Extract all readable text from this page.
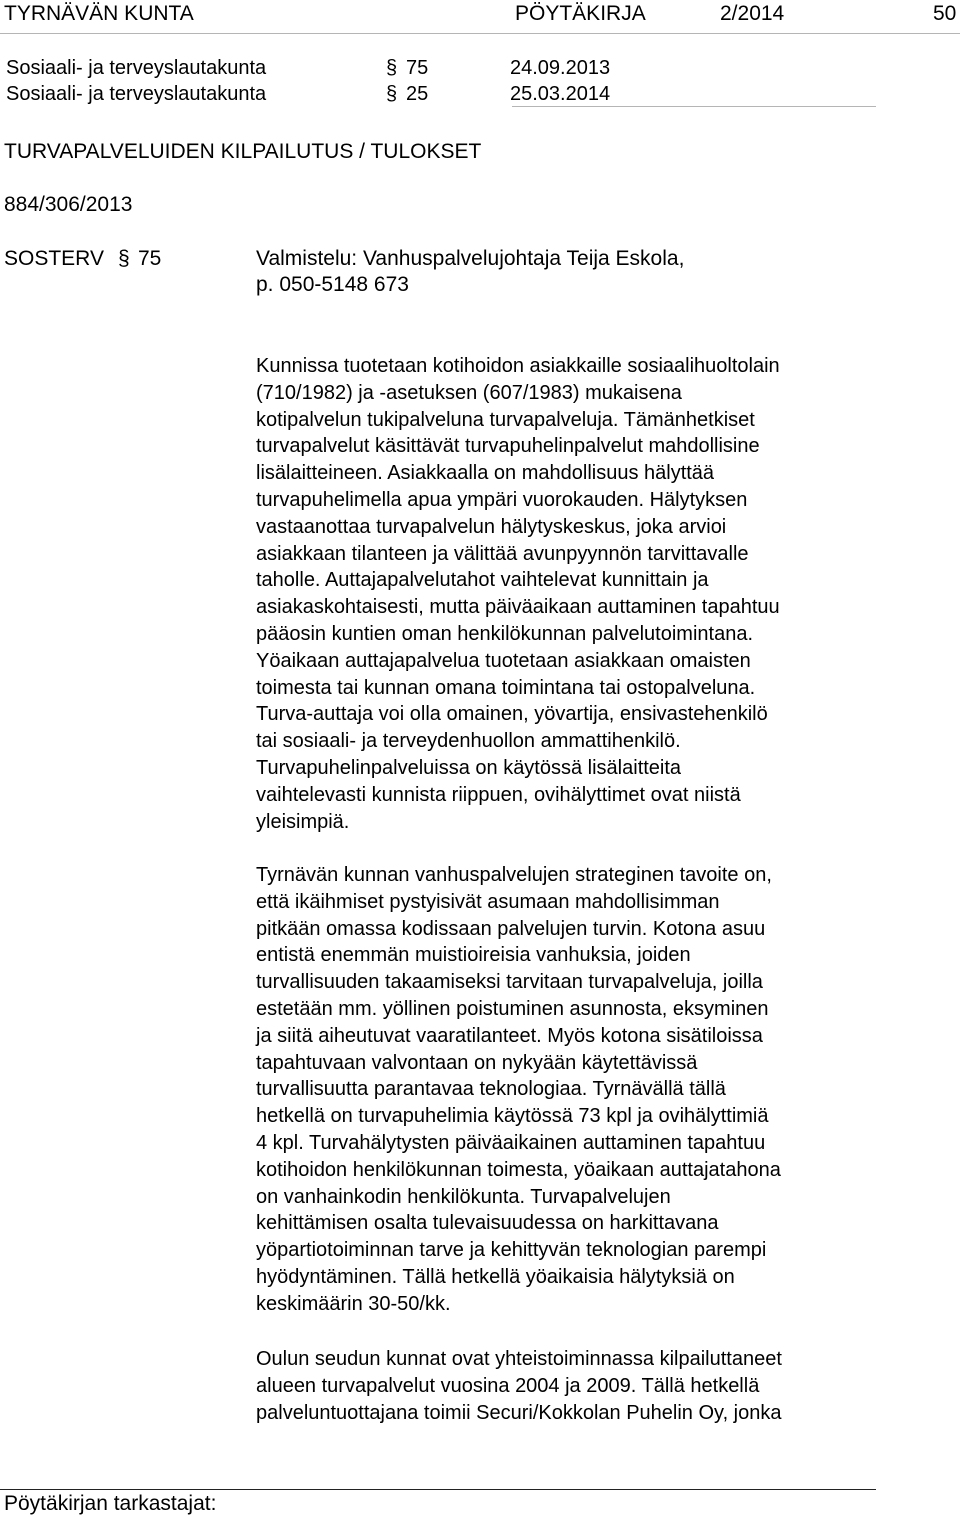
TYRNÄVÄN KUNTA	PÖYTÄKIRJA	2/2014	50
Sosiaali- ja terveyslautakunta	§ 75	24.09.2013
Sosiaali- ja terveyslautakunta	§ 25	25.03.2014
TURVAPALVELUIDEN KILPAILUTUS / TULOKSET
884/306/2013
SOSTERV § 75	Valmistelu: Vanhuspalvelujohtaja Teija Eskola,
p. 050-5148 673
Kunnissa tuotetaan kotihoidon asiakkaille sosiaalihuoltolain
(710/1982) ja -asetuksen (607/1983) mukaisena
kotipalvelun tukipalveluna turvapalveluja. Tämänhetkiset
turvapalvelut käsittävät turvapuhelinpalvelut mahdollisine
lisälaitteineen. Asiakkaalla on mahdollisuus hälyttää
turvapuhelimella apua ympäri vuorokauden. Hälytyksen
vastaanottaa turvapalvelun hälytyskeskus, joka arvioi
asiakkaan tilanteen ja välittää avunpyynnön tarvittavalle
taholle. Auttajapalvelutahot vaihtelevat kunnittain ja
asiakaskohtaisesti, mutta päiväaikaan auttaminen tapahtuu
pääosin kuntien oman henkilökunnan palvelutoimintana.
Yöaikaan auttajapalvelua tuotetaan asiakkaan omaisten
toimesta tai kunnan omana toimintana tai ostopalveluna.
Turva-auttaja voi olla omainen, yövartija, ensivastehenkilö
tai sosiaali- ja terveydenhuollon ammattihenkilö.
Turvapuhelinpalveluissa on käytössä lisälaitteita
vaihtelevasti kunnista riippuen, ovihälyttimet ovat niistä
yleisimpiä.
Tyrnävän kunnan vanhuspalvelujen strateginen tavoite on,
että ikäihmiset pystyisivät asumaan mahdollisimman
pitkään omassa kodissaan palvelujen turvin. Kotona asuu
entistä enemmän muistioireisia vanhuksia, joiden
turvallisuuden takaamiseksi tarvitaan turvapalveluja, joilla
estetään mm. yöllinen poistuminen asunnosta, eksyminen
ja siitä aiheutuvat vaaratilanteet. Myös kotona sisätiloissa
tapahtuvaan valvontaan on nykyään käytettävissä
turvallisuutta parantavaa teknologiaa. Tyrnävällä tällä
hetkellä on turvapuhelimia käytössä 73 kpl ja ovihälyttimiä
4 kpl. Turvahälytysten päiväaikainen auttaminen tapahtuu
kotihoidon henkilökunnan toimesta, yöaikaan auttajatahona
on vanhainkodin henkilökunta. Turvapalvelujen
kehittämisen osalta tulevaisuudessa on harkittavana
yöpartiotoiminnan tarve ja kehittyvän teknologian parempi
hyödyntäminen. Tällä hetkellä yöaikaisia hälytyksiä on
keskimäärin 30-50/kk.
Oulun seudun kunnat ovat yhteistoiminnassa kilpailuttaneet
alueen turvapalvelut vuosina 2004 ja 2009. Tällä hetkellä
palveluntuottajana toimii Securi/Kokkolan Puhelin Oy, jonka
Pöytäkirjan tarkastajat:
